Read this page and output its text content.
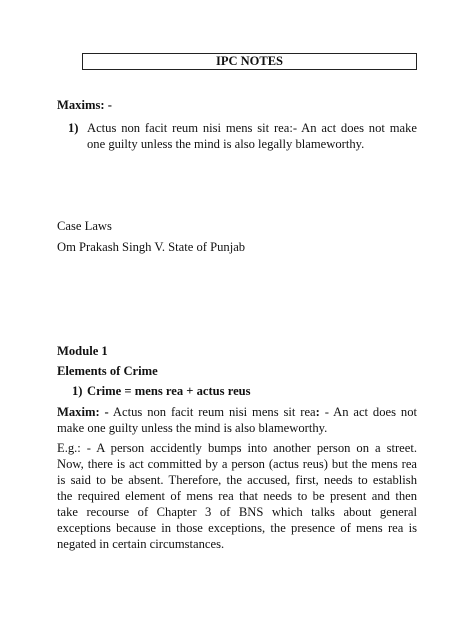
IPC NOTES
Maxims: -
1) Actus non facit reum nisi mens sit rea:- An act does not make
one guilty unless the mind is also legally blameworthy.
Case Laws
Om Prakash Singh V. State of Punjab
Module 1
Elements of Crime
1) Crime = mens rea + actus reus
Maxim: - Actus non facit reum nisi mens sit rea: - An act does not
make one guilty unless the mind is also blameworthy.
E.g.: - A person accidently bumps into another person on a street.
Now, there is act committed by a person (actus reus) but the mens rea
is said to be absent. Therefore, the accused, first, needs to establish
the required element of mens rea that needs to be present and then
take recourse of Chapter 3 of BNS which talks about general
exceptions because in those exceptions, the presence of mens rea is
negated in certain circumstances.
